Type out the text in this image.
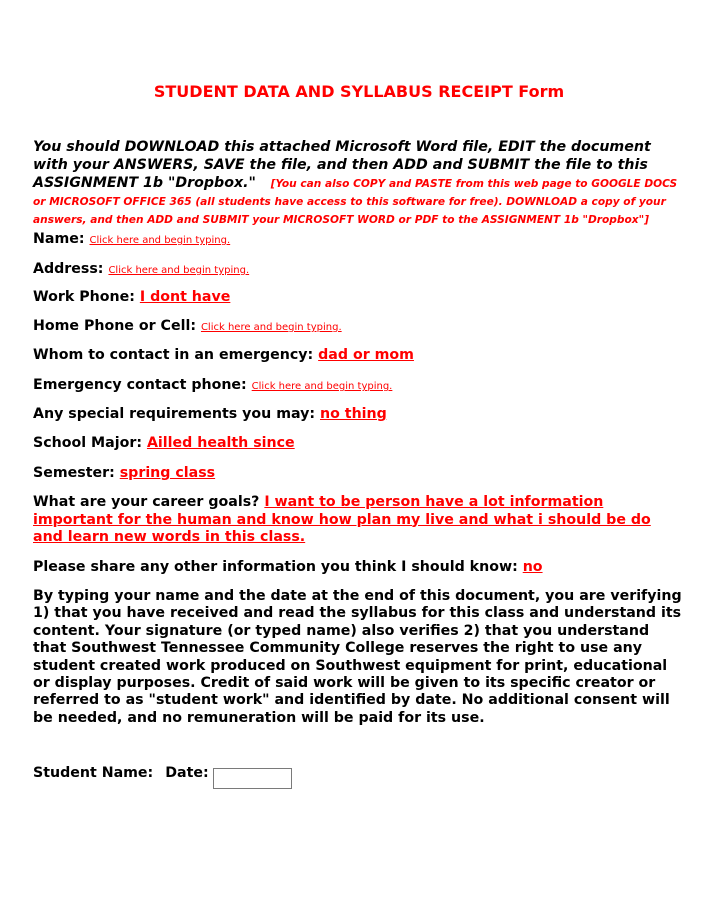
STUDENT DATA AND SYLLABUS RECEIPT Form
You should DOWNLOAD this attached Microsoft Word file, EDIT the document with your ANSWERS, SAVE the file, and then ADD and SUBMIT the file to this ASSIGNMENT 1b "Dropbox." [You can also COPY and PASTE from this web page to GOOGLE DOCS or MICROSOFT OFFICE 365 (all students have access to this software for free). DOWNLOAD a copy of your answers, and then ADD and SUBMIT your MICROSOFT WORD or PDF to the ASSIGNMENT 1b "Dropbox"]
Name: Click here and begin typing.
Address: Click here and begin typing.
Work Phone: I dont have
Home Phone or Cell: Click here and begin typing.
Whom to contact in an emergency: dad or mom
Emergency contact phone: Click here and begin typing.
Any special requirements you may: no thing
School Major: Ailled health since
Semester: spring class
What are your career goals? I want to be person have a lot information important for the human and know how plan my live and what i should be do and learn new words in this class.
Please share any other information you think I should know: no
By typing your name and the date at the end of this document, you are verifying 1) that you have received and read the syllabus for this class and understand its content. Your signature (or typed name) also verifies 2) that you understand that Southwest Tennessee Community College reserves the right to use any student created work produced on Southwest equipment for print, educational or display purposes. Credit of said work will be given to its specific creator or referred to as "student work" and identified by date. No additional consent will be needed, and no remuneration will be paid for its use.
Student Name: Date:
